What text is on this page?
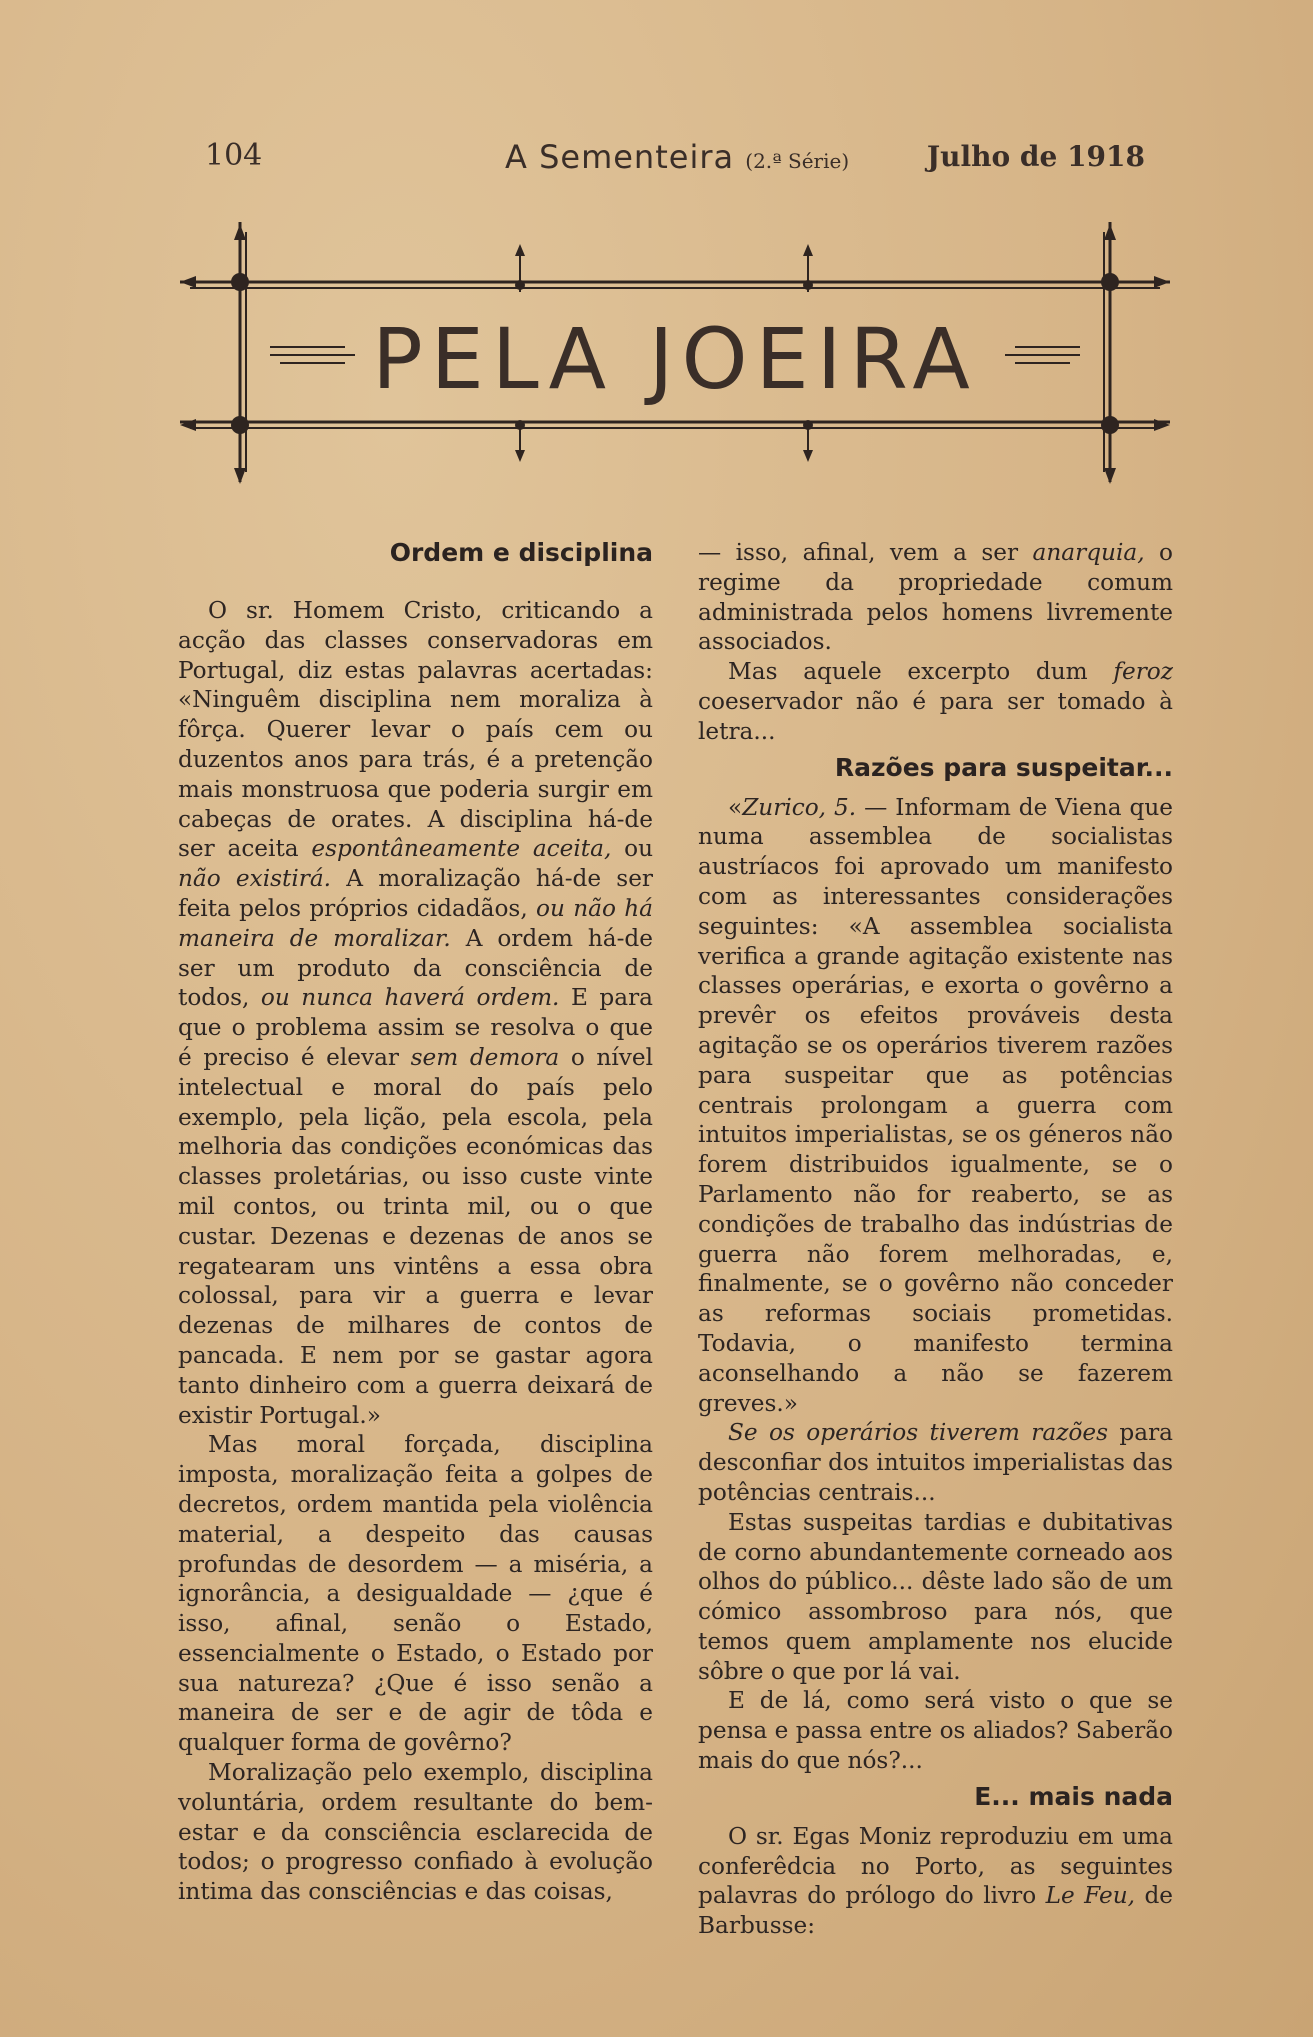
104	A Sementeira (2.ª Série)	Julho de 1918
PELA JOEIRA
Ordem e disciplina

O sr. Homem Cristo, criticando a acção das classes conservadoras em Portugal, diz estas palavras acertadas: «Ninguêm disciplina nem moraliza à fôrça. Querer levar o país cem ou duzentos anos para trás, é a pretenção mais monstruosa que poderia surgir em cabeças de orates. A disciplina há-de ser aceita espontâneamente aceita, ou não existirá. A moralização há-de ser feita pelos próprios cidadãos, ou não há maneira de moralizar. A ordem há-de ser um produto da consciência de todos, ou nunca haverá ordem. E para que o problema assim se resolva o que é preciso é elevar sem demora o nível intelectual e moral do país pelo exemplo, pela lição, pela escola, pela melhoria das condições económicas das classes proletárias, ou isso custe vinte mil contos, ou trinta mil, ou o que custar. Dezenas e dezenas de anos se regatearam uns vintêns a essa obra colossal, para vir a guerra e levar dezenas de milhares de contos de pancada. E nem por se gastar agora tanto dinheiro com a guerra deixará de existir Portugal.»

Mas moral forçada, disciplina imposta, moralização feita a golpes de decretos, ordem mantida pela violência material, a despeito das causas profundas de desordem — a miséria, a ignorância, a desigualdade — ¿que é isso, afinal, senão o Estado, essencialmente o Estado, o Estado por sua natureza? ¿Que é isso senão a maneira de ser e de agir de tôda e qualquer forma de govêrno?

Moralização pelo exemplo, disciplina voluntária, ordem resultante do bem-estar e da consciência esclarecida de todos; o progresso confiado à evolução intima das consciências e das coisas,

— isso, afinal, vem a ser anarquia, o regime da propriedade comum administrada pelos homens livremente associados.

Mas aquele excerpto dum feroz coeservador não é para ser tomado à letra...

Razões para suspeitar...

«Zurico, 5. — Informam de Viena que numa assemblea de socialistas austríacos foi aprovado um manifesto com as interessantes considerações seguintes: «A assemblea socialista verifica a grande agitação existente nas classes operárias, e exorta o govêrno a prevêr os efeitos prováveis desta agitação se os operários tiverem razões para suspeitar que as potências centrais prolongam a guerra com intuitos imperialistas, se os géneros não forem distribuidos igualmente, se o Parlamento não for reaberto, se as condições de trabalho das indústrias de guerra não forem melhoradas, e, finalmente, se o govêrno não conceder as reformas sociais prometidas. Todavia, o manifesto termina aconselhando a não se fazerem greves.»

Se os operários tiverem razões para desconfiar dos intuitos imperialistas das potências centrais...

Estas suspeitas tardias e dubitativas de corno abundantemente corneado aos olhos do público... dêste lado são de um cómico assombroso para nós, que temos quem amplamente nos elucide sôbre o que por lá vai.

E de lá, como será visto o que se pensa e passa entre os aliados? Saberão mais do que nós?...

E... mais nada

O sr. Egas Moniz reproduziu em uma conferêdcia no Porto, as seguintes palavras do prólogo do livro Le Feu, de Barbusse:
